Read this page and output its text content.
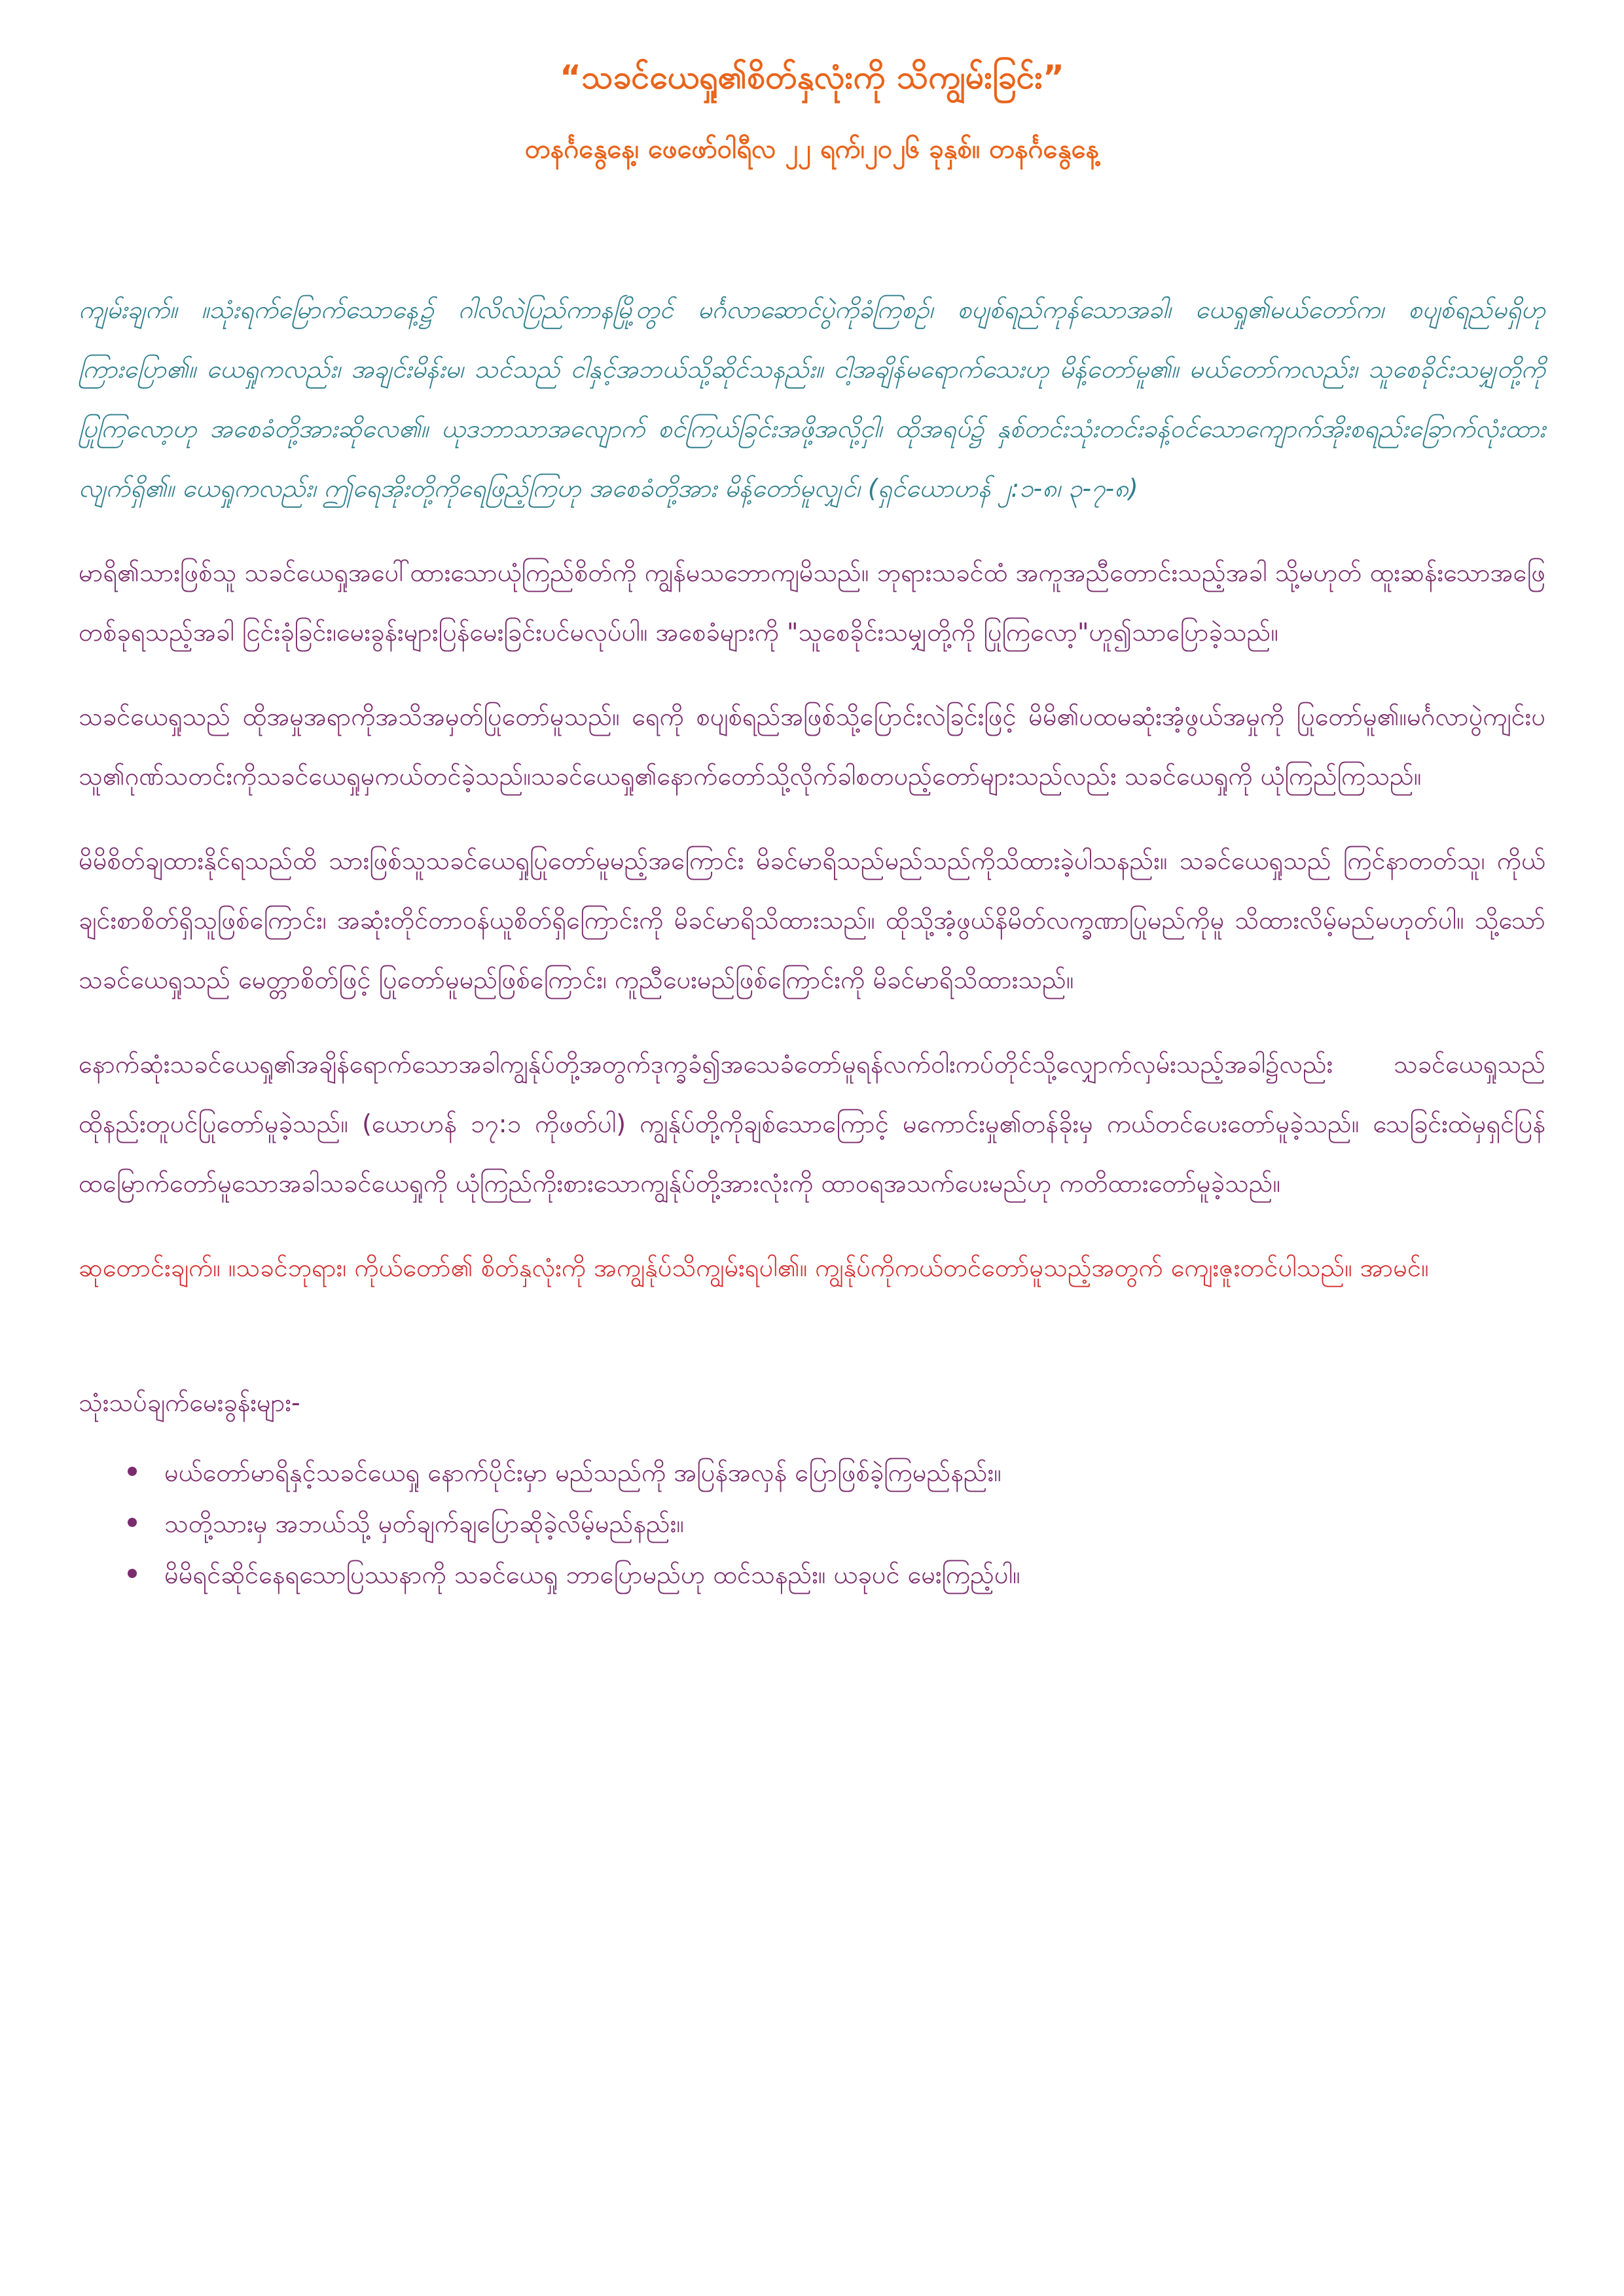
“သခင်ယေရှု၏စိတ်နှလုံးကို သိကျွမ်းခြင်း”

တနင်္ဂနွေနေ့၊ ဖေဖော်ဝါရီလ ၂၂ ရက်၊၂၀၂၆ ခုနှစ်။ တနင်္ဂနွေနေ့

ကျမ်းချက်။ ။သုံးရက်မြောက်သောနေ့၌ ဂါလိလဲပြည်ကာနမြို့တွင် မင်္ဂလာဆောင်ပွဲကိုခံကြစဉ်၊ စပျစ်ရည်ကုန်သောအခါ၊ ယေရှု၏မယ်တော်က၊ စပျစ်ရည်မရှိဟုကြားပြော၏။ ယေရှုကလည်း၊ အချင်းမိန်းမ၊ သင်သည် ငါနှင့်အဘယ်သို့ဆိုင်သနည်း။ ငါ့အချိန်မရောက်သေးဟု မိန့်တော်မူ၏။ မယ်တော်ကလည်း၊ သူစေခိုင်းသမျှတို့ကို ပြုကြလော့ဟု အစေခံတို့အားဆိုလေ၏။ ယုဒဘာသာအလျောက် စင်ကြယ်ခြင်းအဖို့အလို့ငှါ၊ ထိုအရပ်၌ နှစ်တင်းသုံးတင်းခန့်ဝင်သောကျောက်အိုးစရည်းခြောက်လုံးထားလျက်ရှိ၏။ ယေရှုကလည်း၊ ဤရေအိုးတို့ကိုရေဖြည့်ကြဟု အစေခံတို့အား မိန့်တော်မူလျှင်၊ (ရှင်ယောဟန် ၂:၁-၈၊ ၃-၇-၈)

မာရိ၏သားဖြစ်သူ သခင်ယေရှုအပေါ်ထားသောယုံကြည်စိတ်ကို ကျွန်မသဘောကျမိသည်။ ဘုရားသခင်ထံ အကူအညီတောင်းသည့်အခါ သို့မဟုတ် ထူးဆန်းသောအဖြေတစ်ခုရသည့်အခါ ငြင်းခုံခြင်း၊မေးခွန်းများပြန်မေးခြင်းပင်မလုပ်ပါ။ အစေခံများကို "သူစေခိုင်းသမျှတို့ကို ပြုကြလော့"ဟူ၍သာပြောခဲ့သည်။

သခင်ယေရှုသည် ထိုအမှုအရာကိုအသိအမှတ်ပြုတော်မူသည်။ ရေကို စပျစ်ရည်အဖြစ်သို့ပြောင်းလဲခြင်းဖြင့် မိမိ၏ပထမဆုံးအံ့ဖွယ်အမှုကို ပြုတော်မူ၏။မင်္ဂလာပွဲကျင်းပသူ၏ဂုဏ်သတင်းကိုသခင်ယေရှုမှကယ်တင်ခဲ့သည်။သခင်ယေရှု၏နောက်တော်သို့လိုက်ခါစတပည့်တော်များသည်လည်း သခင်ယေရှုကို ယုံကြည်ကြသည်။

မိမိစိတ်ချထားနိုင်ရသည်ထိ သားဖြစ်သူသခင်ယေရှုပြုတော်မူမည့်အကြောင်း မိခင်မာရိသည်မည်သည်ကိုသိထားခဲ့ပါသနည်း။ သခင်ယေရှုသည် ကြင်နာတတ်သူ၊ ကိုယ်ချင်းစာစိတ်ရှိသူဖြစ်ကြောင်း၊ အဆုံးတိုင်တာဝန်ယူစိတ်ရှိကြောင်းကို မိခင်မာရိသိထားသည်။ ထိုသို့အံ့ဖွယ်နိမိတ်လက္ခဏာပြုမည်ကိုမူ သိထားလိမ့်မည်မဟုတ်ပါ။ သို့သော်သခင်ယေရှုသည် မေတ္တာစိတ်ဖြင့် ပြုတော်မူမည်ဖြစ်ကြောင်း၊ ကူညီပေးမည်ဖြစ်ကြောင်းကို မိခင်မာရိသိထားသည်။

နောက်ဆုံးသခင်ယေရှု၏အချိန်ရောက်သောအခါကျွန်ုပ်တို့အတွက်ဒုက္ခခံ၍အသေခံတော်မူရန်လက်ဝါးကပ်တိုင်သို့လျှောက်လှမ်းသည့်အခါ၌လည်း သခင်ယေရှုသည် ထိုနည်းတူပင်ပြုတော်မူခဲ့သည်။ (ယောဟန် ၁၇:၁ ကိုဖတ်ပါ) ကျွန်ုပ်တို့ကိုချစ်သောကြောင့် မကောင်းမှု၏တန်ခိုးမှ ကယ်တင်ပေးတော်မူခဲ့သည်။ သေခြင်းထဲမှရှင်ပြန်ထမြောက်တော်မူသောအခါသခင်ယေရှုကို ယုံကြည်ကိုးစားသောကျွန်ုပ်တို့အားလုံးကို ထာဝရအသက်ပေးမည်ဟု ကတိထားတော်မူခဲ့သည်။

ဆုတောင်းချက်။ ။သခင်ဘုရား၊ ကိုယ်တော်၏ စိတ်နှလုံးကို အကျွန်ုပ်သိကျွမ်းရပါ၏။ ကျွန်ုပ်ကိုကယ်တင်တော်မူသည့်အတွက် ကျေးဇူးတင်ပါသည်။ အာမင်။

သုံးသပ်ချက်မေးခွန်းများ-
မယ်တော်မာရိနှင့်သခင်ယေရှု နောက်ပိုင်းမှာ မည်သည်ကို အပြန်အလှန် ပြောဖြစ်ခဲ့ကြမည်နည်း။
သတို့သားမှ အဘယ်သို့ မှတ်ချက်ချပြောဆိုခဲ့လိမ့်မည်နည်း။
မိမိရင်ဆိုင်နေရသောပြဿနာကို သခင်ယေရှု ဘာပြောမည်ဟု ထင်သနည်း။ ယခုပင် မေးကြည့်ပါ။
